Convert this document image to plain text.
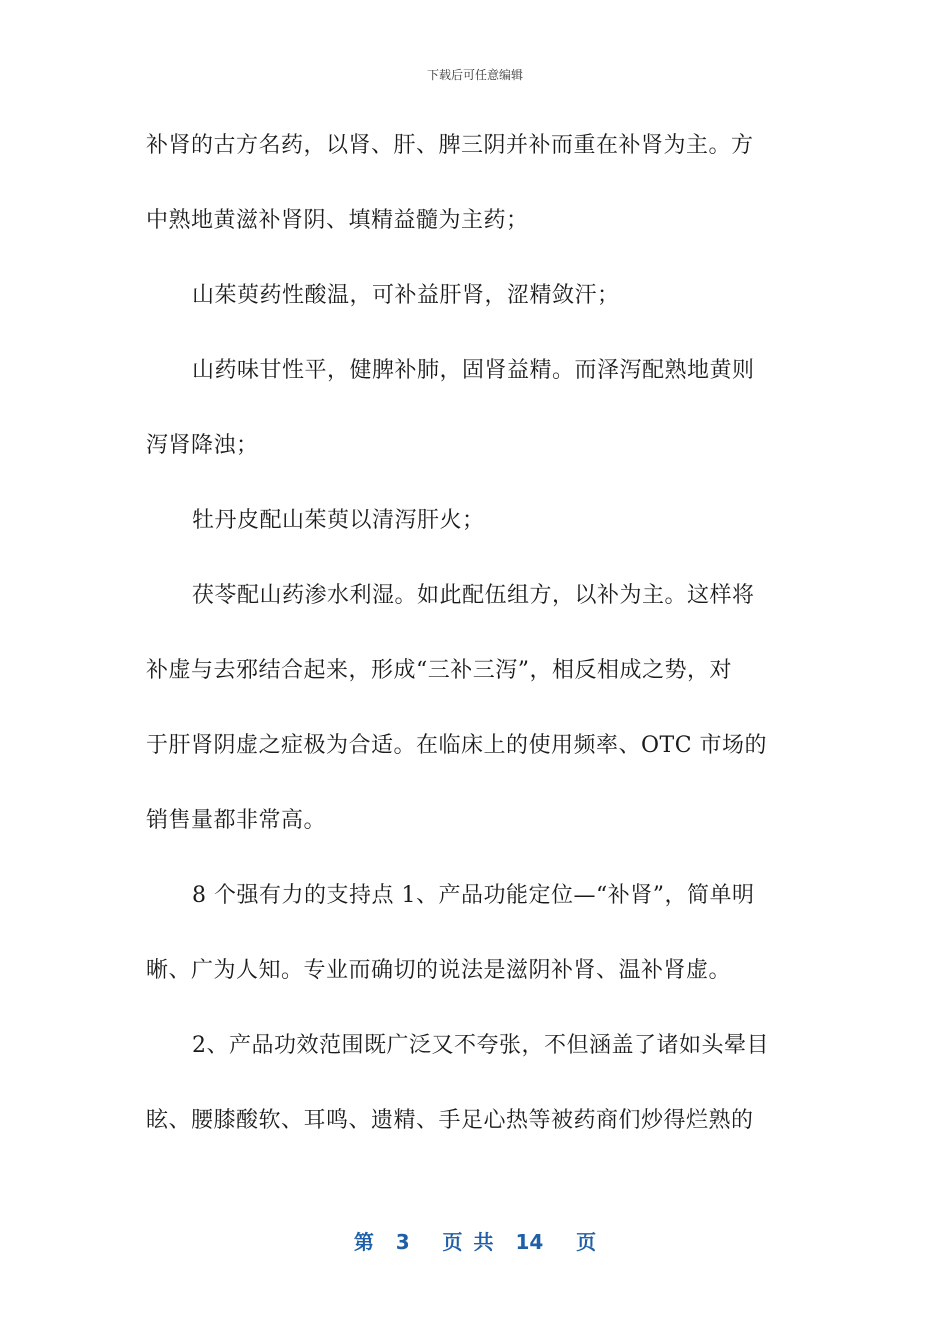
下载后可任意编辑
补肾的古方名药，以肾、肝、脾三阴并补而重在补肾为主。方
中熟地黄滋补肾阴、填精益髓为主药；
山茱萸药性酸温，可补益肝肾，涩精敛汗；
山药味甘性平，健脾补肺，固肾益精。而泽泻配熟地黄则
泻肾降浊；
牡丹皮配山茱萸以清泻肝火；
茯苓配山药渗水利湿。如此配伍组方，以补为主。这样将
补虚与去邪结合起来，形成“三补三泻”，相反相成之势，对
于肝肾阴虚之症极为合适。在临床上的使用频率、OTC 市场的
销售量都非常高。
8 个强有力的支持点 1、产品功能定位—“补肾”，简单明
晰、广为人知。专业而确切的说法是滋阴补肾、温补肾虚。
2、产品功效范围既广泛又不夸张，不但涵盖了诸如头晕目
眩、腰膝酸软、耳鸣、遗精、手足心热等被药商们炒得烂熟的
第  3   页 共  14   页
